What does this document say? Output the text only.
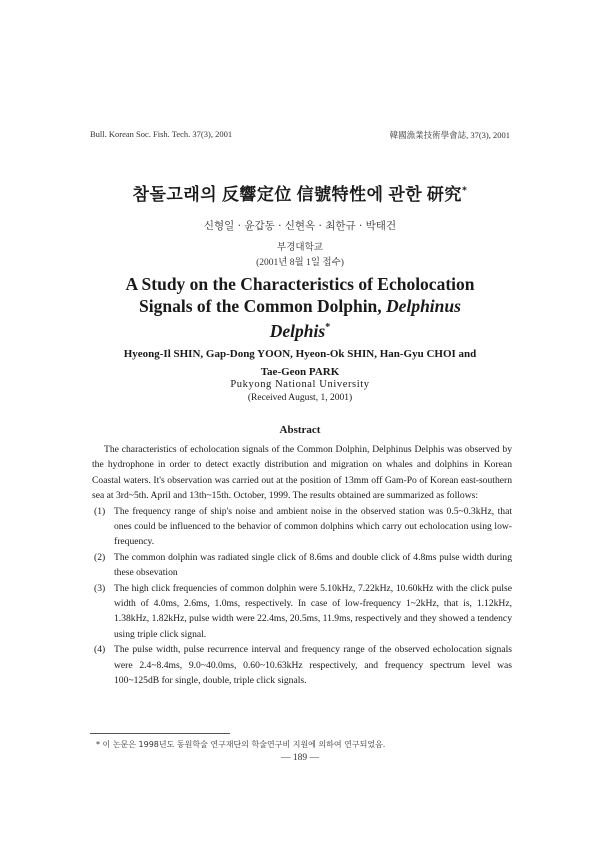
Bull. Korean Soc. Fish. Tech. 37(3), 2001	韓國漁業技術學會誌, 37(3), 2001
참돌고래의 反響定位 信號特性에 관한 研究*
신형일 · 윤갑동 · 신현옥 · 최한규 · 박태건
부경대학교
(2001년 8월 1일 접수)
A Study on the Characteristics of Echolocation
Signals of the Common Dolphin, Delphinus
Delphis*
Hyeong-Il SHIN, Gap-Dong YOON, Hyeon-Ok SHIN, Han-Gyu CHOI and
Tae-Geon PARK
Pukyong National University
(Received August, 1, 2001)
Abstract

The characteristics of echolocation signals of the Common Dolphin, Delphinus Delphis was observed by the hydrophone in order to detect exactly distribution and migration on whales and dolphins in Korean Coastal waters. It's observation was carried out at the position of 13mm off Gam-Po of Korean east-southern sea at 3rd~5th. April and 13th~15th. October, 1999. The results obtained are summarized as follows:

(1) The frequency range of ship's noise and ambient noise in the observed station was 0.5~0.3kHz, that ones could be influenced to the behavior of common dolphins which carry out echolocation using low-frequency.
(2) The common dolphin was radiated single click of 8.6ms and double click of 4.8ms pulse width during these obsevation
(3) The high click frequencies of common dolphin were 5.10kHz, 7.22kHz, 10.60kHz with the click pulse width of 4.0ms, 2.6ms, 1.0ms, respectively. In case of low-frequency 1~2kHz, that is, 1.12kHz, 1.38kHz, 1.82kHz, pulse width were 22.4ms, 20.5ms, 11.9ms, respectively and they showed a tendency using triple click signal.
(4) The pulse width, pulse recurrence interval and frequency range of the observed echolocation signals were 2.4~8.4ms, 9.0~40.0ms, 0.60~10.63kHz respectively, and frequency spectrum level was 100~125dB for single, double, triple click signals.
* 이 논문은 1998년도 동원학술 연구재단의 학술연구비 지원에 의하여 연구되었음.
— 189 —
